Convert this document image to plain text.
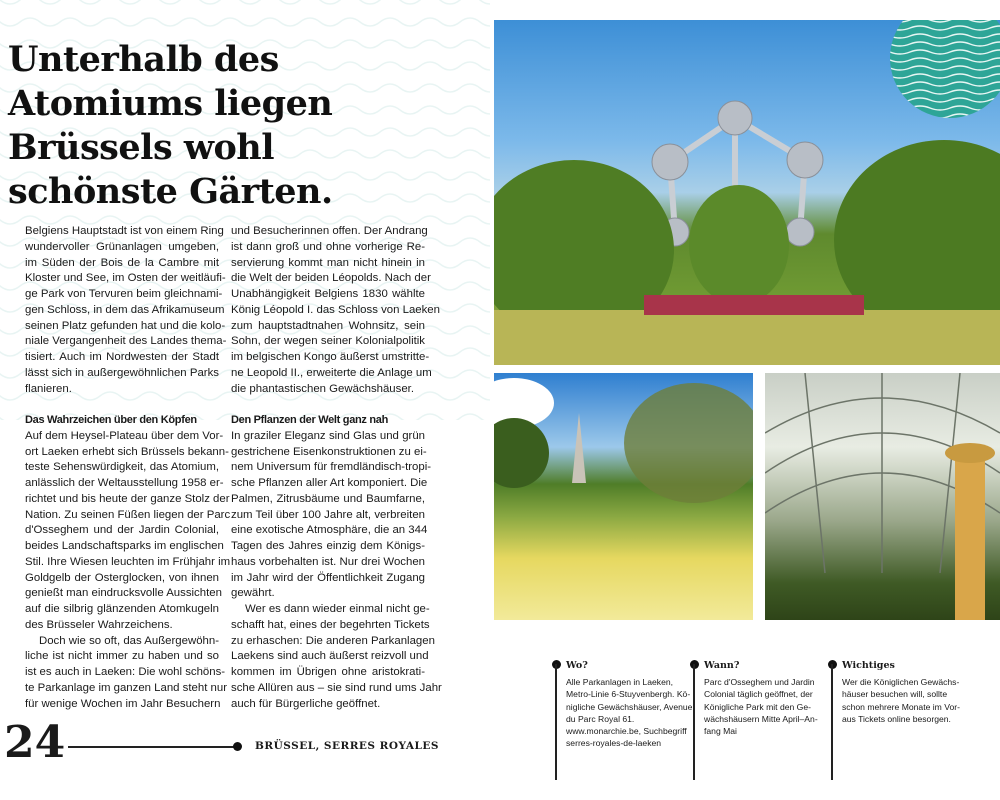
Unterhalb des
Atomiums liegen
Brüssels wohl
schönste Gärten.
Belgiens Hauptstadt ist von einem Ring
wundervoller Grünanlagen umgeben,
im Süden der Bois de la Cambre mit
Kloster und See, im Osten der weitläufi-
ge Park von Tervuren beim gleichnami-
gen Schloss, in dem das Afrikamuseum
seinen Platz gefunden hat und die kolo-
niale Vergangenheit des Landes thema-
tisiert. Auch im Nordwesten der Stadt
lässt sich in außergewöhnlichen Parks
flanieren.
Das Wahrzeichen über den Köpfen
Auf dem Heysel-Plateau über dem Vor-
ort Laeken erhebt sich Brüssels bekann-
teste Sehenswürdigkeit, das Atomium,
anlässlich der Weltausstellung 1958 er-
richtet und bis heute der ganze Stolz der
Nation. Zu seinen Füßen liegen der Parc
d'Osseghem und der Jardin Colonial,
beides Landschaftsparks im englischen
Stil. Ihre Wiesen leuchten im Frühjahr im
Goldgelb der Osterglocken, von ihnen
genießt man eindrucksvolle Aussichten
auf die silbrig glänzenden Atomkugeln
des Brüsseler Wahrzeichens.
Doch wie so oft, das Außergewöhn-
liche ist nicht immer zu haben und so
ist es auch in Laeken: Die wohl schöns-
te Parkanlage im ganzen Land steht nur
für wenige Wochen im Jahr Besuchern
und Besucherinnen offen. Der Andrang
ist dann groß und ohne vorherige Re-
servierung kommt man nicht hinein in
die Welt der beiden Léopolds. Nach der
Unabhängigkeit Belgiens 1830 wählte
König Léopold I. das Schloss von Laeken
zum hauptstadtnahen Wohnsitz, sein
Sohn, der wegen seiner Kolonialpolitik
im belgischen Kongo äußerst umstritte-
ne Leopold II., erweiterte die Anlage um
die phantastischen Gewächshäuser.
Den Pflanzen der Welt ganz nah
In graziler Eleganz sind Glas und grün
gestrichene Eisenkonstruktionen zu ei-
nem Universum für fremdländisch-tropi-
sche Pflanzen aller Art komponiert. Die
Palmen, Zitrusbäume und Baumfarne,
zum Teil über 100 Jahre alt, verbreiten
eine exotische Atmosphäre, die an 344
Tagen des Jahres einzig dem Königs-
haus vorbehalten ist. Nur drei Wochen
im Jahr wird der Öffentlichkeit Zugang
gewährt.
Wer es dann wieder einmal nicht ge-
schafft hat, eines der begehrten Tickets
zu erhaschen: Die anderen Parkanlagen
Laekens sind auch äußerst reizvoll und
kommen im Übrigen ohne aristokrati-
sche Allüren aus – sie sind rund ums Jahr
auch für Bürgerliche geöffnet.
Wo?
Alle Parkanlagen in Laeken,
Metro-Linie 6-Stuyvenbergh. Kö-
nigliche Gewächshäuser, Avenue
du Parc Royal 61.
www.monarchie.be, Suchbegriff
serres-royales-de-laeken
Wann?
Parc d'Osseghem und Jardin
Colonial täglich geöffnet, der
Königliche Park mit den Ge-
wächshäusern Mitte April–An-
fang Mai
Wichtiges
Wer die Königlichen Gewächs-
häuser besuchen will, sollte
schon mehrere Monate im Vor-
aus Tickets online besorgen.
24	BRÜSSEL, SERRES ROYALES
